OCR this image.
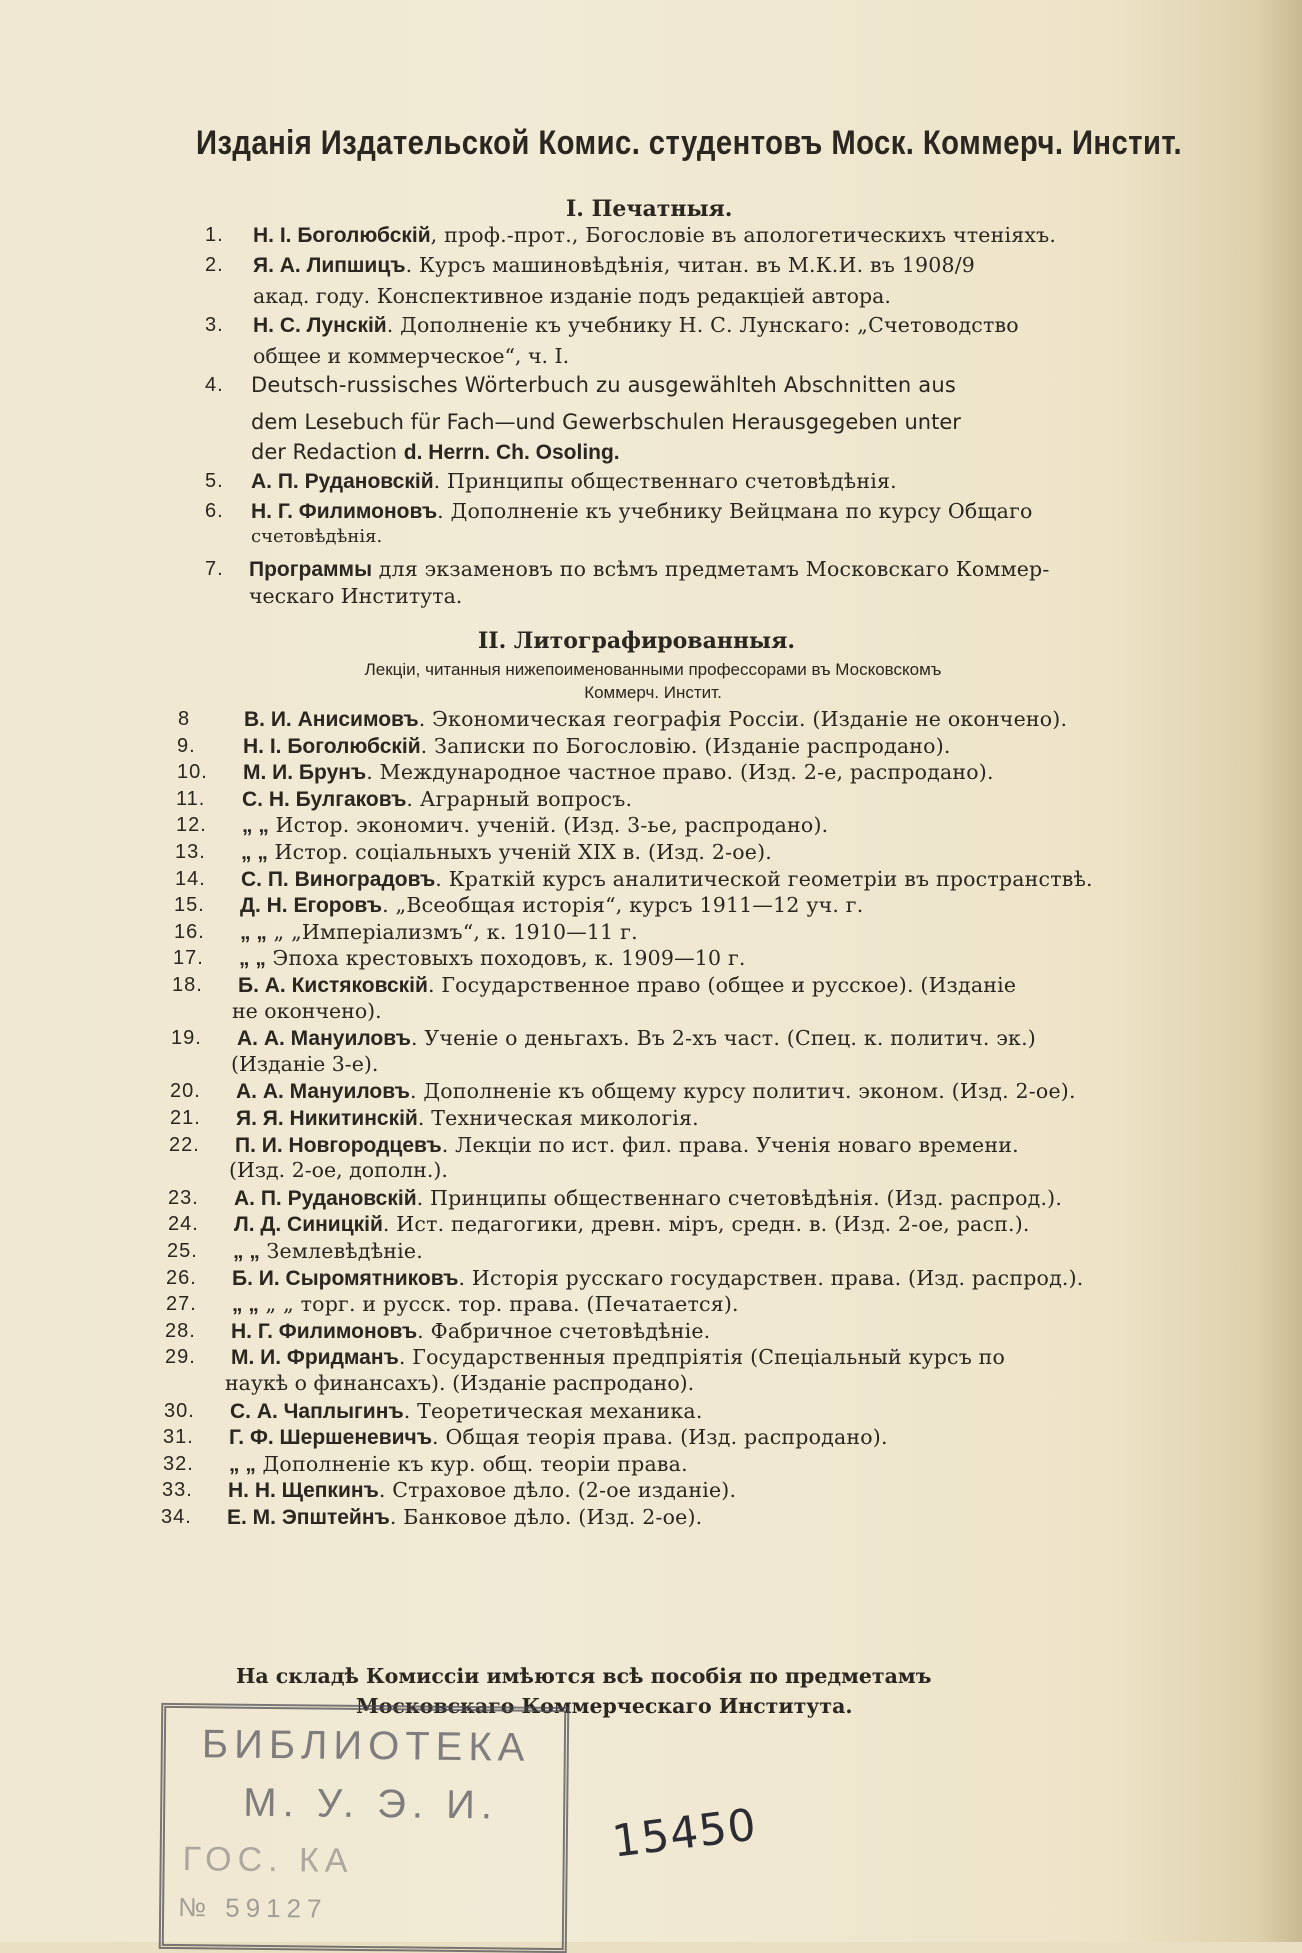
Изданія Издательской Комис. студентовъ Моск. Коммерч. Инстит.
I. Печатныя.
1. Н. І. Боголюбскій, проф.-прот., Богословіе въ апологетическихъ чтеніяхъ.
2. Я. А. Липшицъ. Курсъ машиновѣдѣнія, читан. въ М.К.И. въ 1908/9
акад. году. Конспективное изданіе подъ редакціей автора.
3. Н. С. Лунскій. Дополненіе къ учебнику Н. С. Лунскаго: „Счетоводство
общее и коммерческое“, ч. I.
4. Deutsch-russisches Wörterbuch zu ausgewählteh Abschnitten aus
dem Lesebuch für Fach—und Gewerbschulen Herausgegeben unter
der Redaction d. Herrn. Ch. Osoling.
5. А. П. Рудановскій. Принципы общественнаго счетовѣдѣнія.
6. Н. Г. Филимоновъ. Дополненіе къ учебнику Вейцмана по курсу Общаго
счетовѣдѣнія.
7. Программы для экзаменовъ по всѣмъ предметамъ Московскаго Коммер-
ческаго Института.
II. Литографированныя.
Лекціи, читанныя нижепоименованными профессорами въ Московскомъ
Коммерч. Инстит.
8	В. И. Анисимовъ. Экономическая географія Россіи. (Изданіе не окончено).
9. Н. І. Боголюбскій. Записки по Богословію. (Изданіе распродано).
10. М. И. Брунъ. Международное частное право. (Изд. 2-е, распродано).
11. С. Н. Булгаковъ. Аграрный вопросъ.
12. „ „ Истор. экономич. ученій. (Изд. 3-ье, распродано).
13. „ „ Истор. соціальныхъ ученій XIX в. (Изд. 2-ое).
14. С. П. Виноградовъ. Краткій курсъ аналитической геометріи въ пространствѣ.
15. Д. Н. Егоровъ. „Всеобщая исторія“, курсъ 1911—12 уч. г.
16. „ „ „ „Имперіализмъ“, к. 1910—11 г.
17. „ „ Эпоха крестовыхъ походовъ, к. 1909—10 г.
18. Б. А. Кистяковскій. Государственное право (общее и русское). (Изданіе
не окончено).
19. А. А. Мануиловъ. Ученіе о деньгахъ. Въ 2-хъ част. (Спец. к. политич. эк.)
(Изданіе 3-е).
20. А. А. Мануиловъ. Дополненіе къ общему курсу политич. эконом. (Изд. 2-ое).
21. Я. Я. Никитинскій. Техническая микологія.
22. П. И. Новгородцевъ. Лекціи по ист. фил. права. Ученія новаго времени.
(Изд. 2-ое, дополн.).
23. А. П. Рудановскій. Принципы общественнаго счетовѣдѣнія. (Изд. распрод.).
24. Л. Д. Синицкій. Ист. педагогики, древн. міръ, средн. в. (Изд. 2-ое, расп.).
25. „ „ Землевѣдѣніе.
26. Б. И. Сыромятниковъ. Исторія русскаго государствен. права. (Изд. распрод.).
27. „ „ „ „ торг. и русск. тор. права. (Печатается).
28. Н. Г. Филимоновъ. Фабричное счетовѣдѣніе.
29. М. И. Фридманъ. Государственныя предпріятія (Спеціальный курсъ по
наукѣ о финансахъ). (Изданіе распродано).
30. С. А. Чаплыгинъ. Теоретическая механика.
31. Г. Ф. Шершеневичъ. Общая теорія права. (Изд. распродано).
32. „ „ Дополненіе къ кур. общ. теоріи права.
33. Н. Н. Щепкинъ. Страховое дѣло. (2-ое изданіе).
34. Е. М. Эпштейнъ. Банковое дѣло. (Изд. 2-ое).
На складѣ Комиссіи имѣются всѣ пособія по предметамъ
Московскаго Коммерческаго Института.
БИБЛИОТЕКА
М. У. Э. И.
ГОС. КА
№ 59127
15450
